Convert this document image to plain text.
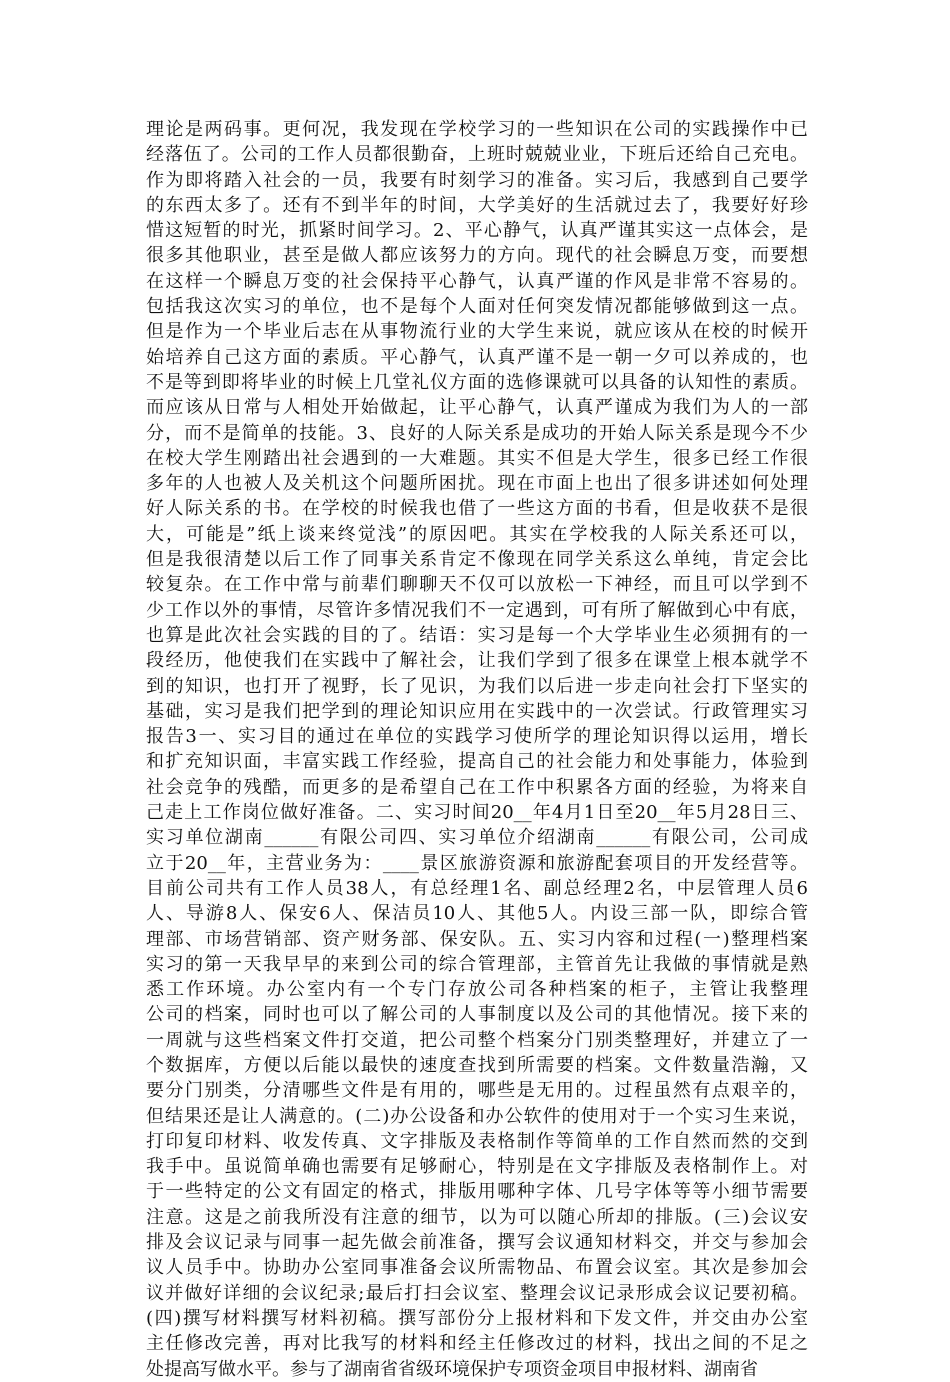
理论是两码事。更何况，我发现在学校学习的一些知识在公司的实践操作中已
经落伍了。公司的工作人员都很勤奋，上班时兢兢业业，下班后还给自己充电。
作为即将踏入社会的一员，我要有时刻学习的准备。实习后，我感到自己要学
的东西太多了。还有不到半年的时间，大学美好的生活就过去了，我要好好珍
惜这短暂的时光，抓紧时间学习。2、平心静气，认真严谨其实这一点体会，是
很多其他职业，甚至是做人都应该努力的方向。现代的社会瞬息万变，而要想
在这样一个瞬息万变的社会保持平心静气，认真严谨的作风是非常不容易的。
包括我这次实习的单位，也不是每个人面对任何突发情况都能够做到这一点。
但是作为一个毕业后志在从事物流行业的大学生来说，就应该从在校的时候开
始培养自己这方面的素质。平心静气，认真严谨不是一朝一夕可以养成的，也
不是等到即将毕业的时候上几堂礼仪方面的选修课就可以具备的认知性的素质。
而应该从日常与人相处开始做起，让平心静气，认真严谨成为我们为人的一部
分，而不是简单的技能。3、良好的人际关系是成功的开始人际关系是现今不少
在校大学生刚踏出社会遇到的一大难题。其实不但是大学生，很多已经工作很
多年的人也被人及关机这个问题所困扰。现在市面上也出了很多讲述如何处理
好人际关系的书。在学校的时候我也借了一些这方面的书看，但是收获不是很
大，可能是”纸上谈来终觉浅”的原因吧。其实在学校我的人际关系还可以，
但是我很清楚以后工作了同事关系肯定不像现在同学关系这么单纯，肯定会比
较复杂。在工作中常与前辈们聊聊天不仅可以放松一下神经，而且可以学到不
少工作以外的事情，尽管许多情况我们不一定遇到，可有所了解做到心中有底，
也算是此次社会实践的目的了。结语：实习是每一个大学毕业生必须拥有的一
段经历，他使我们在实践中了解社会，让我们学到了很多在课堂上根本就学不
到的知识，也打开了视野，长了见识，为我们以后进一步走向社会打下坚实的
基础，实习是我们把学到的理论知识应用在实践中的一次尝试。行政管理实习
报告3一、实习目的通过在单位的实践学习使所学的理论知识得以运用，增长
和扩充知识面，丰富实践工作经验，提高自己的社会能力和处事能力，体验到
社会竞争的残酷，而更多的是希望自己在工作中积累各方面的经验，为将来自
己走上工作岗位做好准备。二、实习时间20__年4月1日至20__年5月28日三、
实习单位湖南______有限公司四、实习单位介绍湖南______有限公司，公司成
立于20__年，主营业务为：____景区旅游资源和旅游配套项目的开发经营等。
目前公司共有工作人员38人，有总经理1名、副总经理2名，中层管理人员6
人、导游8人、保安6人、保洁员10人、其他5人。内设三部一队，即综合管
理部、市场营销部、资产财务部、保安队。五、实习内容和过程(一)整理档案
实习的第一天我早早的来到公司的综合管理部，主管首先让我做的事情就是熟
悉工作环境。办公室内有一个专门存放公司各种档案的柜子，主管让我整理
公司的档案，同时也可以了解公司的人事制度以及公司的其他情况。接下来的
一周就与这些档案文件打交道，把公司整个档案分门别类整理好，并建立了一
个数据库，方便以后能以最快的速度查找到所需要的档案。文件数量浩瀚，又
要分门别类，分清哪些文件是有用的，哪些是无用的。过程虽然有点艰辛的，
但结果还是让人满意的。(二)办公设备和办公软件的使用对于一个实习生来说，
打印复印材料、收发传真、文字排版及表格制作等简单的工作自然而然的交到
我手中。虽说简单确也需要有足够耐心，特别是在文字排版及表格制作上。对
于一些特定的公文有固定的格式，排版用哪种字体、几号字体等等小细节需要
注意。这是之前我所没有注意的细节，以为可以随心所却的排版。(三)会议安
排及会议记录与同事一起先做会前准备，撰写会议通知材料交，并交与参加会
议人员手中。协助办公室同事准备会议所需物品、布置会议室。其次是参加会
议并做好详细的会议纪录;最后打扫会议室、整理会议记录形成会议记要初稿。
(四)撰写材料撰写材料初稿。撰写部份分上报材料和下发文件，并交由办公室
主任修改完善，再对比我写的材料和经主任修改过的材料，找出之间的不足之
处提高写做水平。参与了湖南省省级环境保护专项资金项目申报材料、湖南省
